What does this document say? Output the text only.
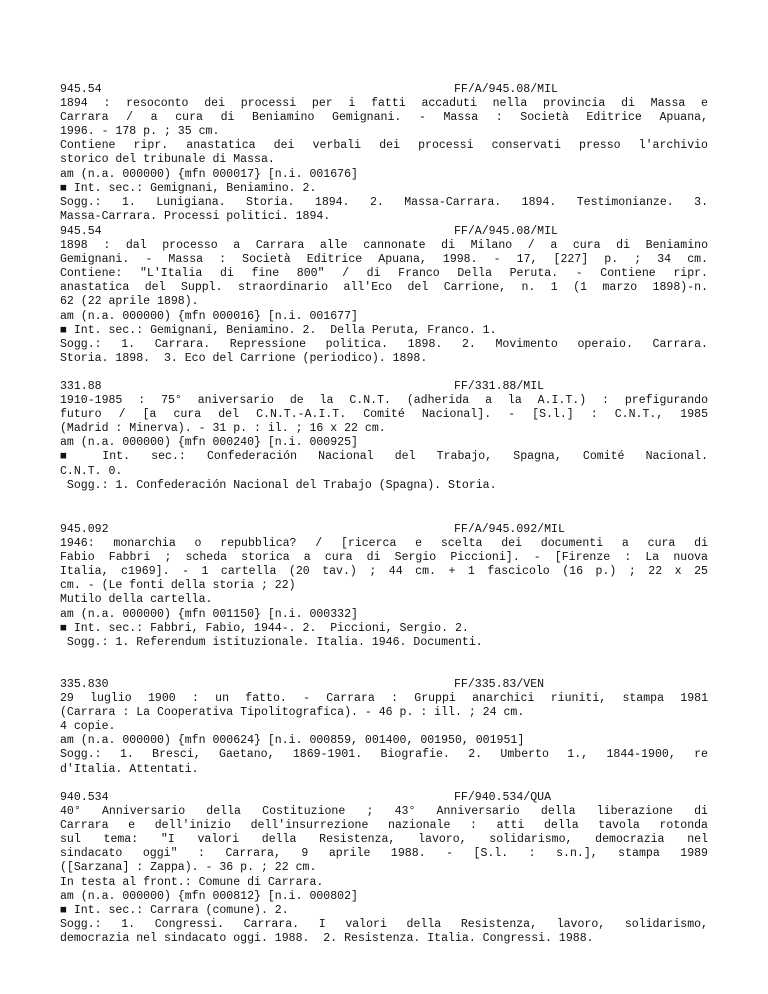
945.54	FF/A/945.08/MIL
1894 : resoconto dei processi per i fatti accaduti nella provincia di Massa e
Carrara / a cura di Beniamino Gemignani. - Massa : Società Editrice Apuana,
1996. - 178 p. ; 35 cm.
Contiene ripr. anastatica dei verbali dei processi conservati presso l'archivio
storico del tribunale di Massa.
am (n.a. 000000) {mfn 000017} [n.i. 001676]
■ Int. sec.: Gemignani, Beniamino. 2.
Sogg.: 1. Lunigiana. Storia. 1894. 2. Massa-Carrara. 1894. Testimonianze. 3.
Massa-Carrara. Processi politici. 1894.
945.54	FF/A/945.08/MIL
1898 : dal processo a Carrara alle cannonate di Milano / a cura di Beniamino
Gemignani. - Massa : Società Editrice Apuana, 1998. - 17, [227] p. ; 34 cm.
Contiene: "L'Italia di fine 800" / di Franco Della Peruta. - Contiene ripr.
anastatica del Suppl. straordinario all'Eco del Carrione, n. 1 (1 marzo 1898)-n.
62 (22 aprile 1898).
am (n.a. 000000) {mfn 000016} [n.i. 001677]
■ Int. sec.: Gemignani, Beniamino. 2.  Della Peruta, Franco. 1.
Sogg.: 1. Carrara. Repressione politica. 1898. 2. Movimento operaio. Carrara.
Storia. 1898.  3. Eco del Carrione (periodico). 1898.
331.88	FF/331.88/MIL
1910-1985 : 75° aniversario de la C.N.T. (adherida a la A.I.T.) : prefigurando
futuro / [a cura del C.N.T.-A.I.T. Comité Nacional]. - [S.l.] : C.N.T., 1985
(Madrid : Minerva). - 31 p. : il. ; 16 x 22 cm.
am (n.a. 000000) {mfn 000240} [n.i. 000925]
■ Int. sec.: Confederación Nacional del Trabajo, Spagna, Comité Nacional.
C.N.T. 0.
Sogg.: 1. Confederación Nacional del Trabajo (Spagna). Storia.
945.092	FF/A/945.092/MIL
1946: monarchia o repubblica? / [ricerca e scelta dei documenti a cura di
Fabio Fabbri ; scheda storica a cura di Sergio Piccioni]. - [Firenze : La nuova
Italia, c1969]. - 1 cartella (20 tav.) ; 44 cm. + 1 fascicolo (16 p.) ; 22 x 25
cm. - (Le fonti della storia ; 22)
Mutilo della cartella.
am (n.a. 000000) {mfn 001150} [n.i. 000332]
■ Int. sec.: Fabbri, Fabio, 1944-. 2.  Piccioni, Sergio. 2.
Sogg.: 1. Referendum istituzionale. Italia. 1946. Documenti.
335.830	FF/335.83/VEN
29 luglio 1900 : un fatto. - Carrara : Gruppi anarchici riuniti, stampa 1981
(Carrara : La Cooperativa Tipolitografica). - 46 p. : ill. ; 24 cm.
4 copie.
am (n.a. 000000) {mfn 000624} [n.i. 000859, 001400, 001950, 001951]
Sogg.: 1. Bresci, Gaetano, 1869-1901. Biografie. 2. Umberto 1., 1844-1900, re
d'Italia. Attentati.
940.534	FF/940.534/QUA
40° Anniversario della Costituzione ; 43° Anniversario della liberazione di
Carrara e dell'inizio dell'insurrezione nazionale : atti della tavola rotonda
sul tema: "I valori della Resistenza, lavoro, solidarismo, democrazia nel
sindacato oggi" : Carrara, 9 aprile 1988. - [S.l. : s.n.], stampa 1989
([Sarzana] : Zappa). - 36 p. ; 22 cm.
In testa al front.: Comune di Carrara.
am (n.a. 000000) {mfn 000812} [n.i. 000802]
■ Int. sec.: Carrara (comune). 2.
Sogg.: 1. Congressi. Carrara. I valori della Resistenza, lavoro, solidarismo,
democrazia nel sindacato oggi. 1988.  2. Resistenza. Italia. Congressi. 1988.
